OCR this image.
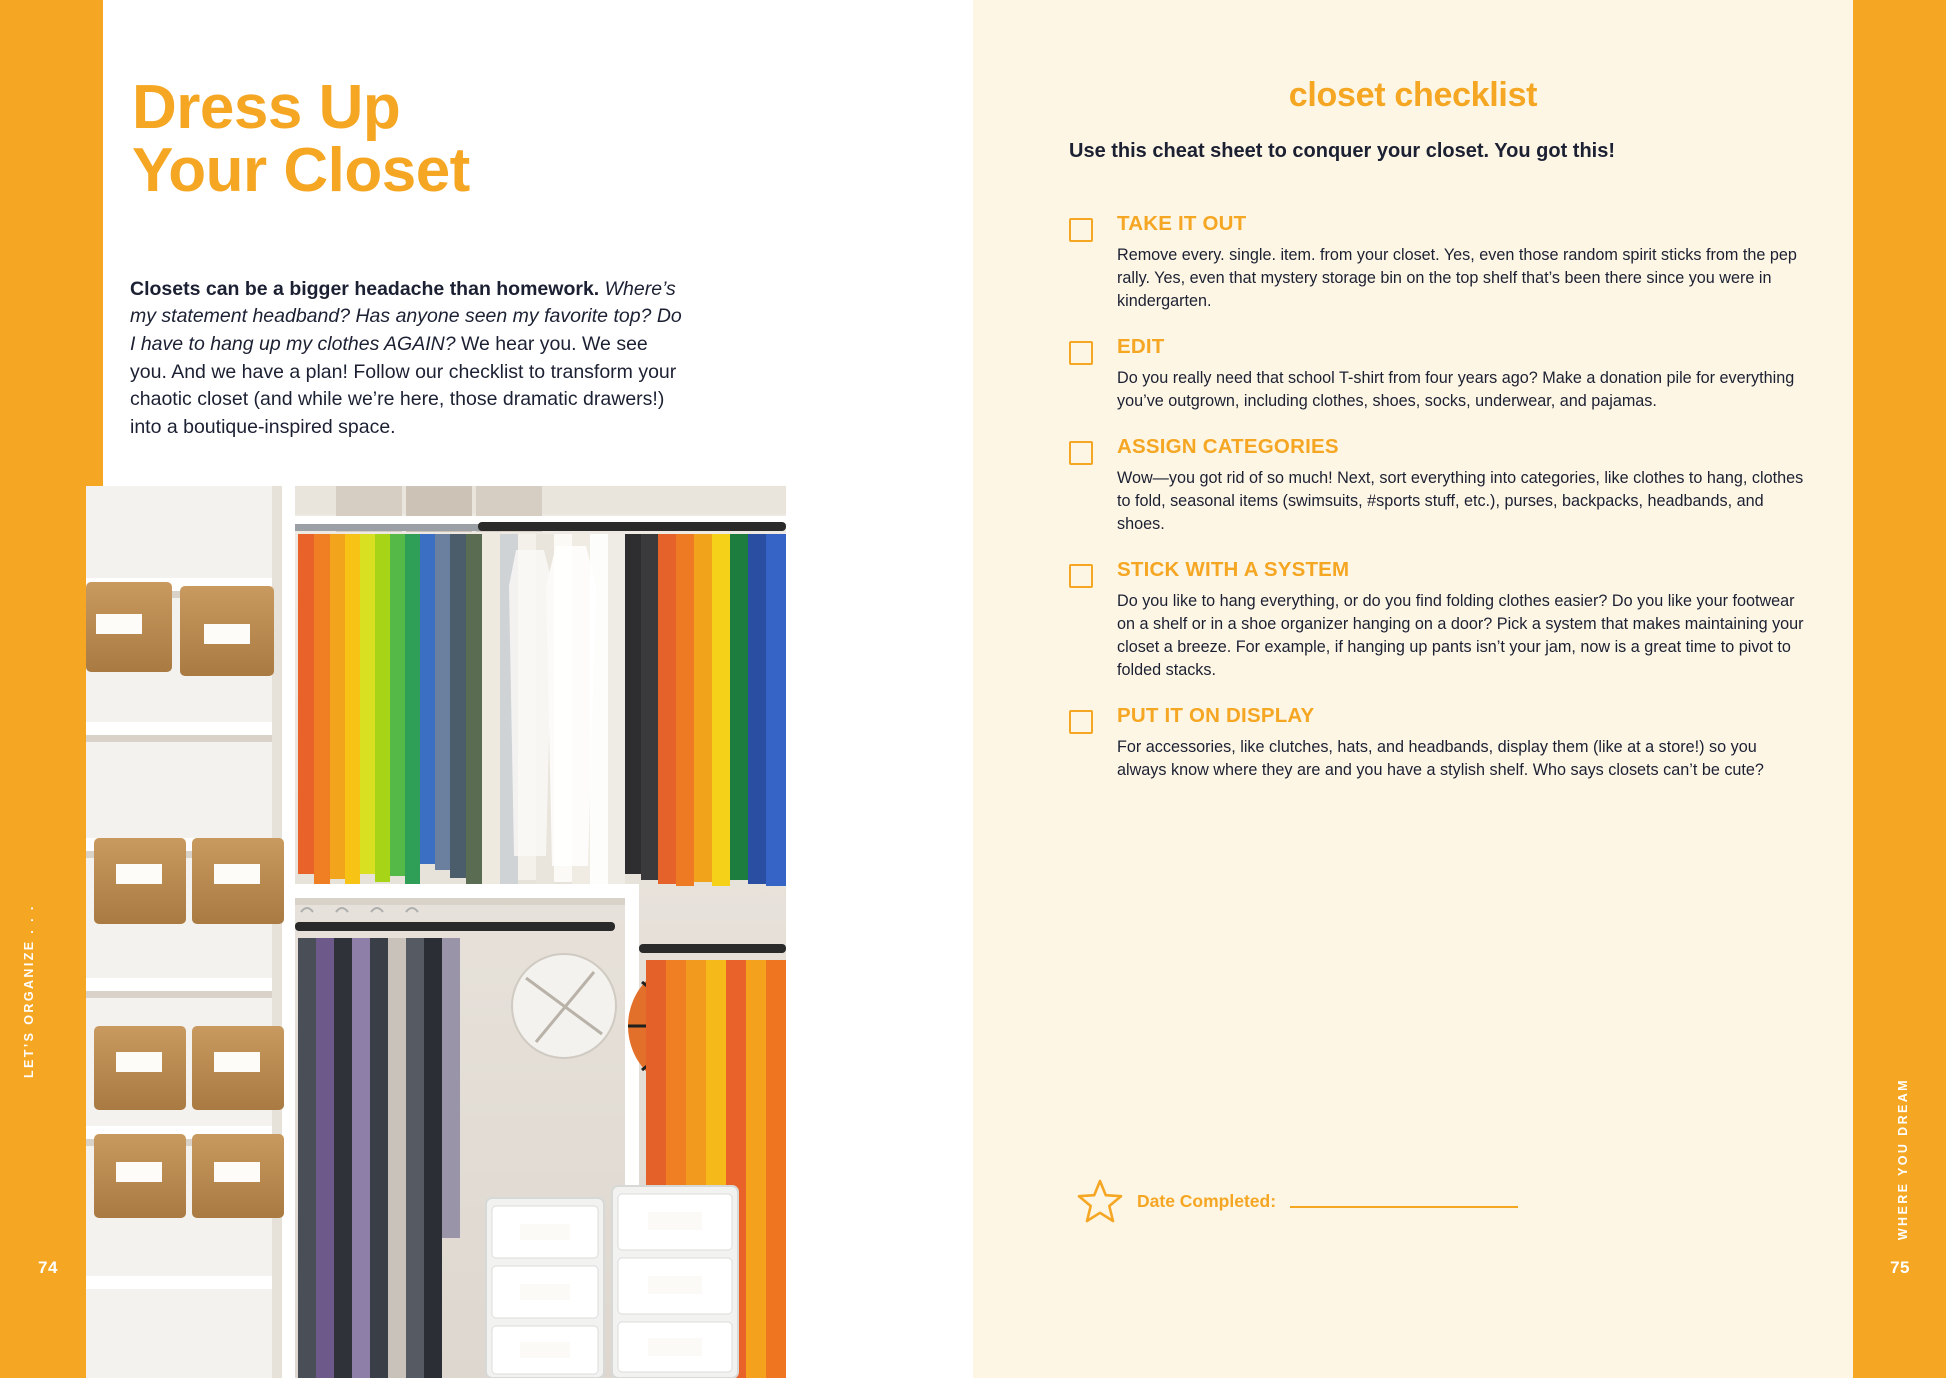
LET’S ORGANIZE . . .
74
Dress Up
Your Closet

Closets can be a bigger headache than homework. Where’s my statement headband? Has anyone seen my favorite top? Do I have to hang up my clothes AGAIN? We hear you. We see you. And we have a plan! Follow our checklist to transform your chaotic closet (and while we’re here, those dramatic drawers!) into a boutique-inspired space.

WHERE YOU DREAM
75
closet checklist
Use this cheat sheet to conquer your closet. You got this!
TAKE IT OUT
Remove every. single. item. from your closet. Yes, even those random spirit sticks from the pep rally. Yes, even that mystery storage bin on the top shelf that’s been there since you were in kindergarten.
EDIT
Do you really need that school T-shirt from four years ago? Make a donation pile for everything you’ve outgrown, including clothes, shoes, socks, underwear, and pajamas.
ASSIGN CATEGORIES
Wow—you got rid of so much! Next, sort everything into categories, like clothes to hang, clothes to fold, seasonal items (swimsuits, #sports stuff, etc.), purses, backpacks, headbands, and shoes.
STICK WITH A SYSTEM
Do you like to hang everything, or do you find folding clothes easier? Do you like your footwear on a shelf or in a shoe organizer hanging on a door? Pick a system that makes maintaining your closet a breeze. For example, if hanging up pants isn’t your jam, now is a great time to pivot to folded stacks.
PUT IT ON DISPLAY
For accessories, like clutches, hats, and headbands, display them (like at a store!) so you always know where they are and you have a stylish shelf. Who says closets can’t be cute?
Date Completed:
